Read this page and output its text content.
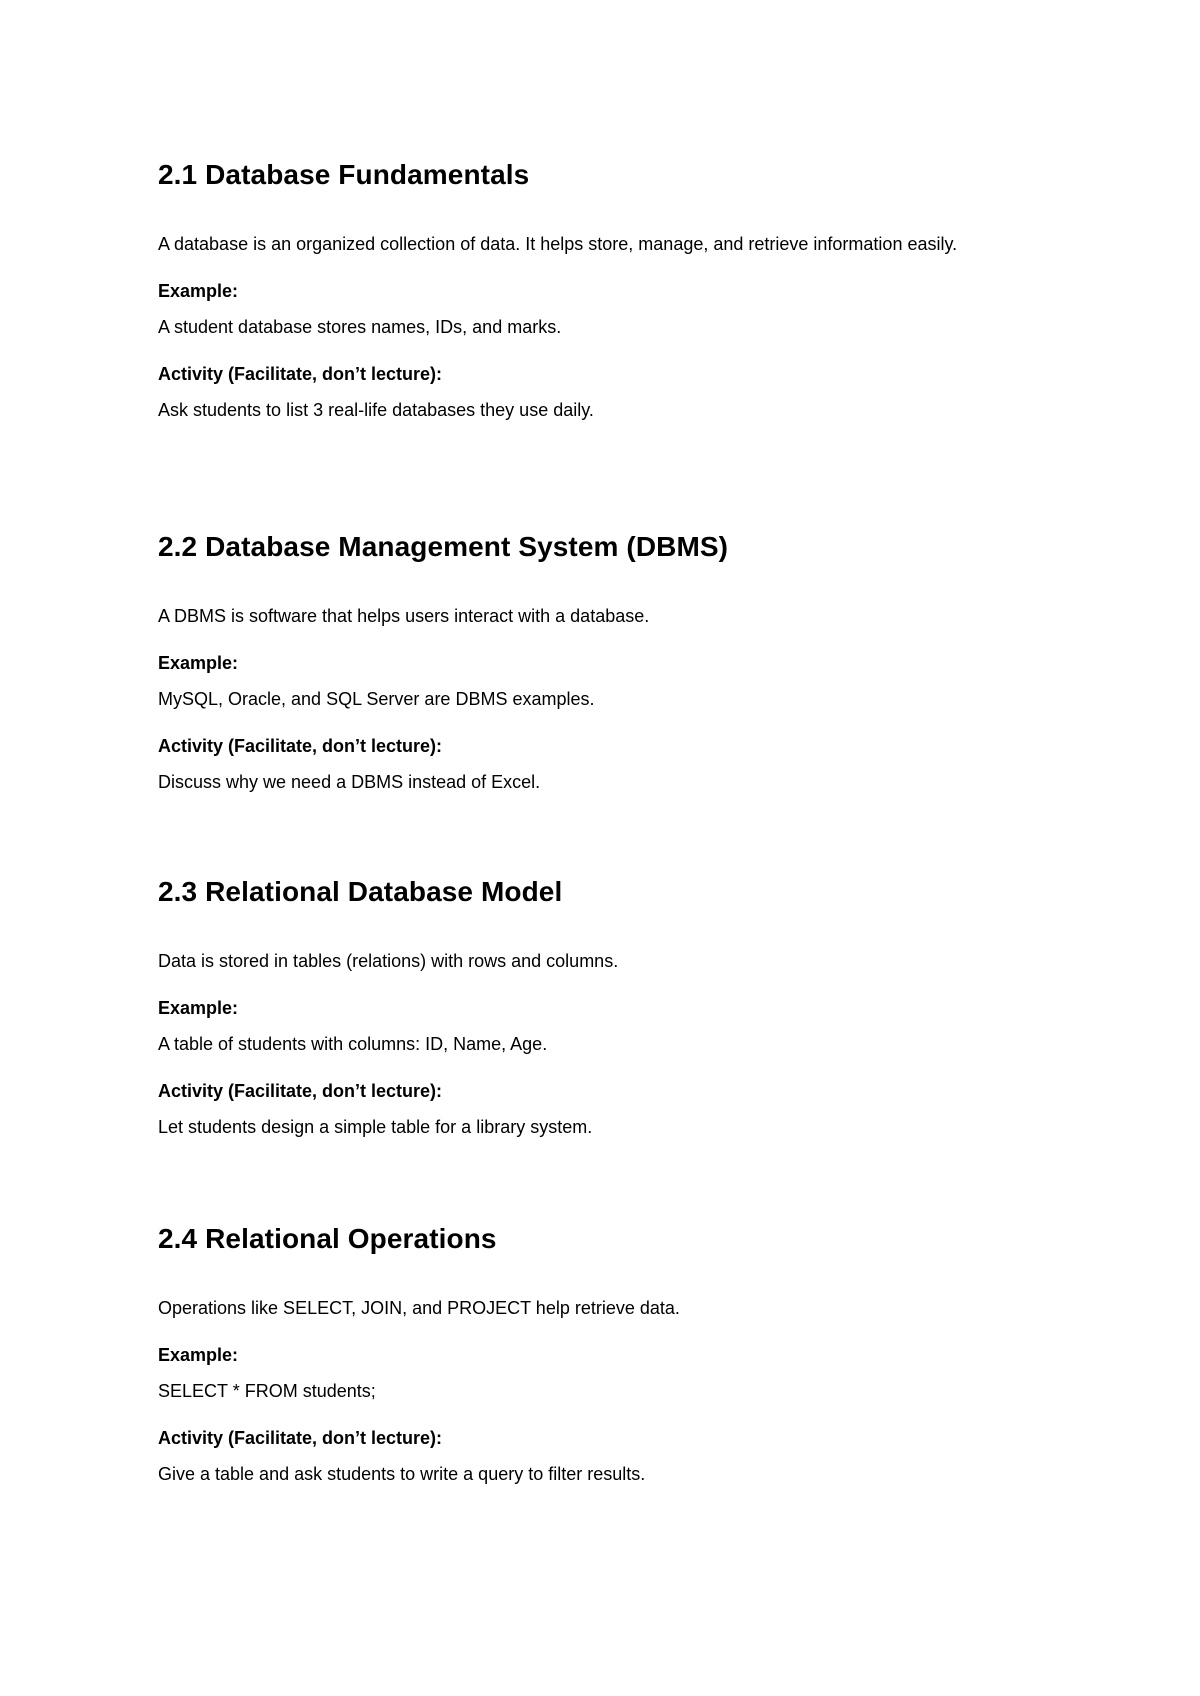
2.1 Database Fundamentals

A database is an organized collection of data. It helps store, manage, and retrieve information easily.

Example:

A student database stores names, IDs, and marks.

Activity (Facilitate, don’t lecture):

Ask students to list 3 real-life databases they use daily.

2.2 Database Management System (DBMS)

A DBMS is software that helps users interact with a database.

Example:

MySQL, Oracle, and SQL Server are DBMS examples.

Activity (Facilitate, don’t lecture):

Discuss why we need a DBMS instead of Excel.

2.3 Relational Database Model

Data is stored in tables (relations) with rows and columns.

Example:

A table of students with columns: ID, Name, Age.

Activity (Facilitate, don’t lecture):

Let students design a simple table for a library system.

2.4 Relational Operations

Operations like SELECT, JOIN, and PROJECT help retrieve data.

Example:

SELECT * FROM students;

Activity (Facilitate, don’t lecture):

Give a table and ask students to write a query to filter results.
